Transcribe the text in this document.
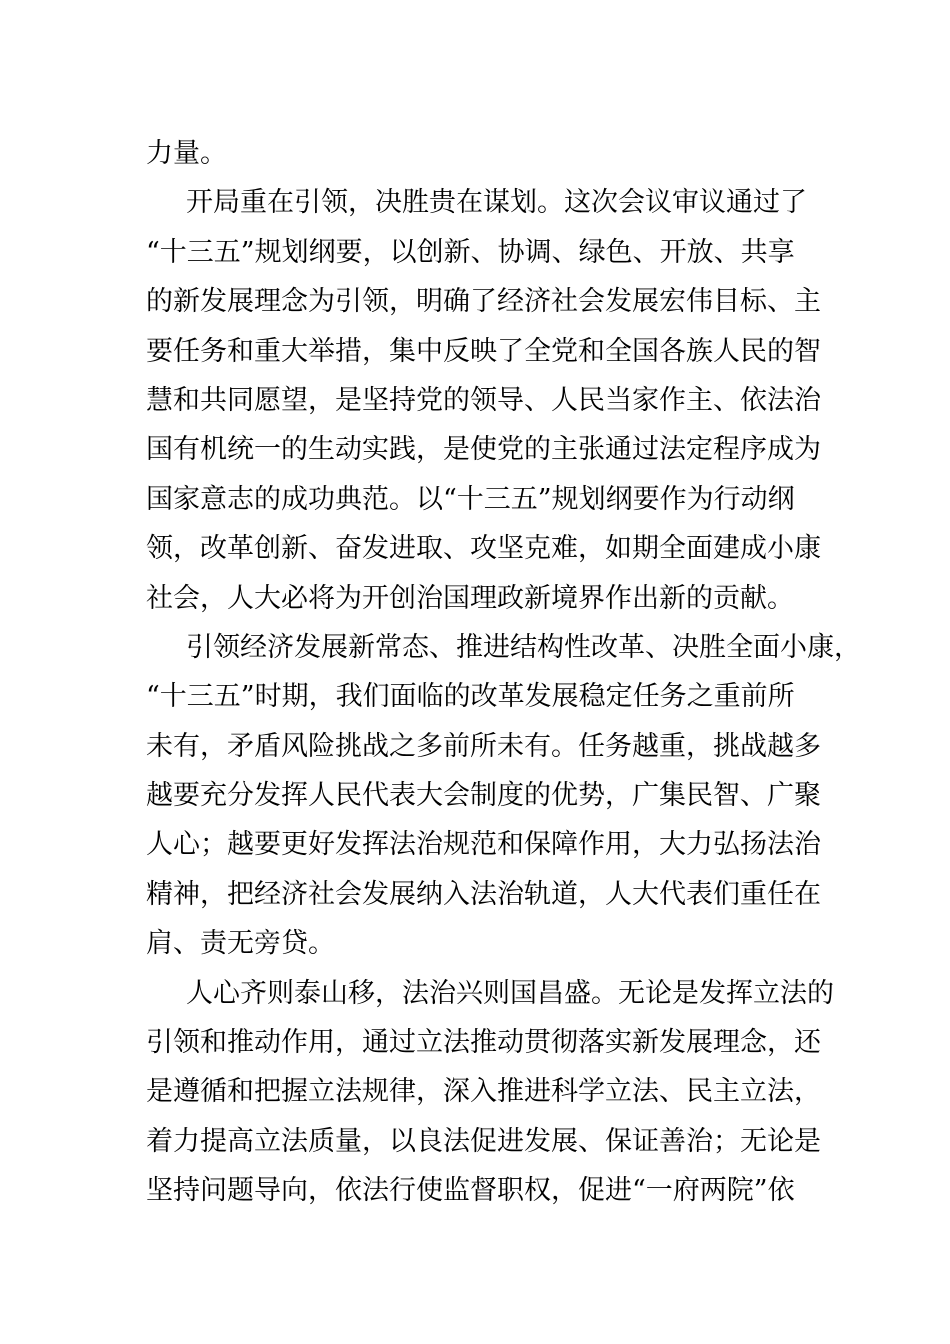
力量。
开局重在引领，决胜贵在谋划。这次会议审议通过了
“十三五”规划纲要，以创新、协调、绿色、开放、共享
的新发展理念为引领，明确了经济社会发展宏伟目标、主
要任务和重大举措，集中反映了全党和全国各族人民的智
慧和共同愿望，是坚持党的领导、人民当家作主、依法治
国有机统一的生动实践，是使党的主张通过法定程序成为
国家意志的成功典范。以“十三五”规划纲要作为行动纲
领，改革创新、奋发进取、攻坚克难，如期全面建成小康
社会，人大必将为开创治国理政新境界作出新的贡献。
引领经济发展新常态、推进结构性改革、决胜全面小康，
“十三五”时期，我们面临的改革发展稳定任务之重前所
未有，矛盾风险挑战之多前所未有。任务越重，挑战越多
越要充分发挥人民代表大会制度的优势，广集民智、广聚
人心；越要更好发挥法治规范和保障作用，大力弘扬法治
精神，把经济社会发展纳入法治轨道，人大代表们重任在
肩、责无旁贷。
人心齐则泰山移，法治兴则国昌盛。无论是发挥立法的
引领和推动作用，通过立法推动贯彻落实新发展理念，还
是遵循和把握立法规律，深入推进科学立法、民主立法，
着力提高立法质量，以良法促进发展、保证善治；无论是
坚持问题导向，依法行使监督职权，促进“一府两院”依
